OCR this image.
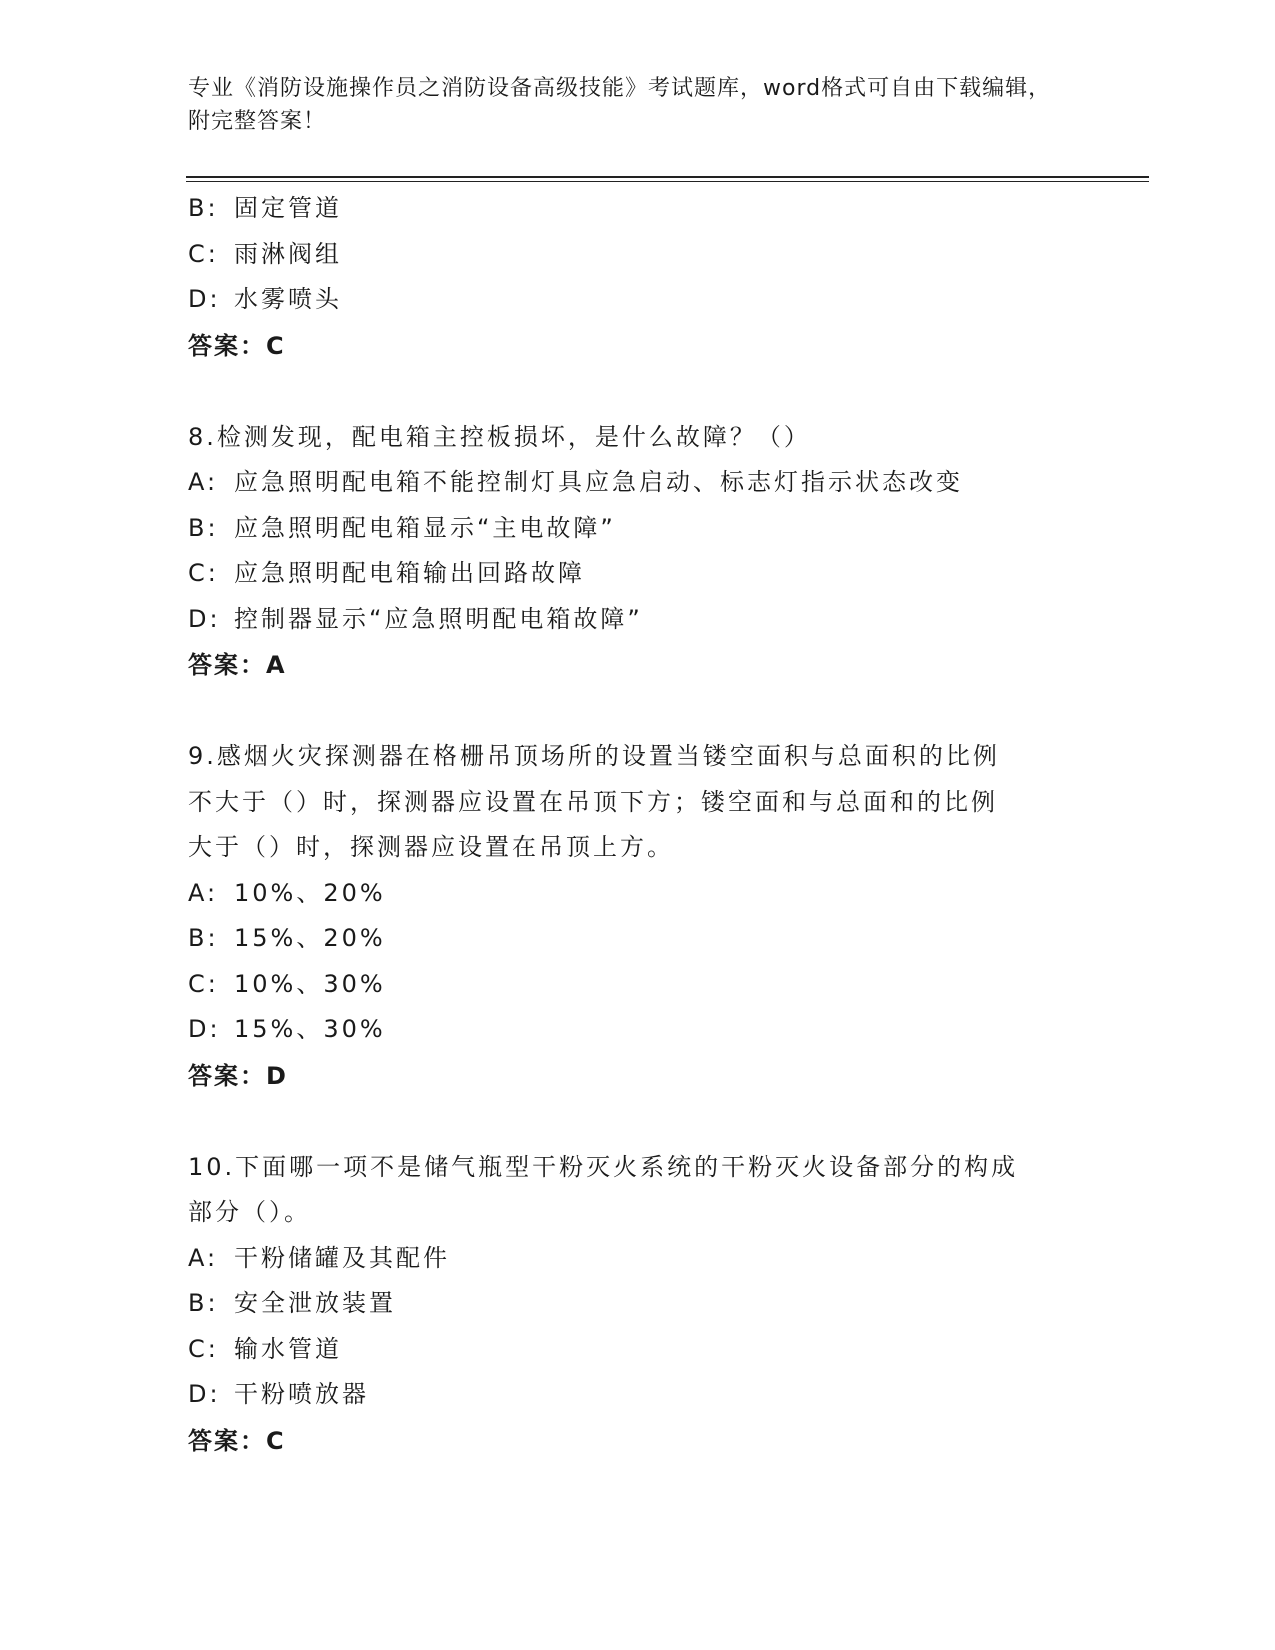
专业《消防设施操作员之消防设备高级技能》考试题库，word格式可自由下载编辑，附完整答案！
B: 固定管道
C: 雨淋阀组
D: 水雾喷头
答案：C
8.检测发现，配电箱主控板损坏，是什么故障？（）
A: 应急照明配电箱不能控制灯具应急启动、标志灯指示状态改变
B: 应急照明配电箱显示“主电故障”
C: 应急照明配电箱输出回路故障
D: 控制器显示“应急照明配电箱故障”
答案：A
9.感烟火灾探测器在格栅吊顶场所的设置当镂空面积与总面积的比例
不大于（）时，探测器应设置在吊顶下方；镂空面和与总面和的比例
大于（）时，探测器应设置在吊顶上方。
A: 10%、20%
B: 15%、20%
C: 10%、30%
D: 15%、30%
答案：D
10.下面哪一项不是储气瓶型干粉灭火系统的干粉灭火设备部分的构成
部分（）。
A: 干粉储罐及其配件
B: 安全泄放装置
C: 输水管道
D: 干粉喷放器
答案：C
